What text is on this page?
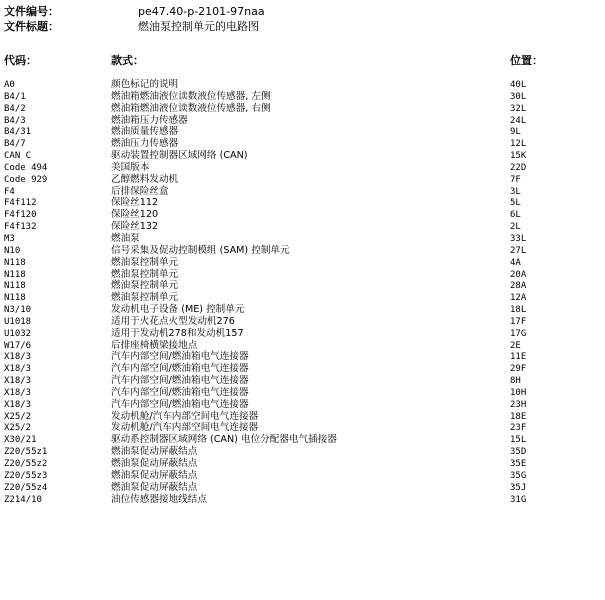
文件编号：	pe47.40-p-2101-97naa
文件标题：	燃油泵控制单元的电路图
代码：	款式：	位置：
A0	颜色标记的说明	40L
B4/1	燃油箱燃油液位读数液位传感器, 左侧	30L
B4/2	燃油箱燃油液位读数液位传感器, 右侧	32L
B4/3	燃油箱压力传感器	24L
B4/31	燃油质量传感器	9L
B4/7	燃油压力传感器	12L
CAN C	驱动装置控制器区域网络 (CAN)	15K
Code 494	美国版本	22D
Code 929	乙醇燃料发动机	7F
F4	后排保险丝盒	3L
F4f112	保险丝112	5L
F4f120	保险丝120	6L
F4f132	保险丝132	2L
M3	燃油泵	33L
N10	信号采集及促动控制模组 (SAM) 控制单元	27L
N118	燃油泵控制单元	4A
N118	燃油泵控制单元	20A
N118	燃油泵控制单元	28A
N118	燃油泵控制单元	12A
N3/10	发动机电子设备 (ME) 控制单元	18L
U1018	适用于火花点火型发动机276	17F
U1032	适用于发动机278和发动机157	17G
W17/6	后排座椅横梁接地点	2E
X18/3	汽车内部空间/燃油箱电气连接器	11E
X18/3	汽车内部空间/燃油箱电气连接器	29F
X18/3	汽车内部空间/燃油箱电气连接器	8H
X18/3	汽车内部空间/燃油箱电气连接器	10H
X18/3	汽车内部空间/燃油箱电气连接器	23H
X25/2	发动机舱/汽车内部空间电气连接器	18E
X25/2	发动机舱/汽车内部空间电气连接器	23F
X30/21	驱动系控制器区域网络 (CAN) 电位分配器电气插接器	15L
Z20/55z1	燃油泵促动屏蔽结点	35D
Z20/55z2	燃油泵促动屏蔽结点	35E
Z20/55z3	燃油泵促动屏蔽结点	35G
Z20/55z4	燃油泵促动屏蔽结点	35J
Z214/10	油位传感器接地线结点	31G
